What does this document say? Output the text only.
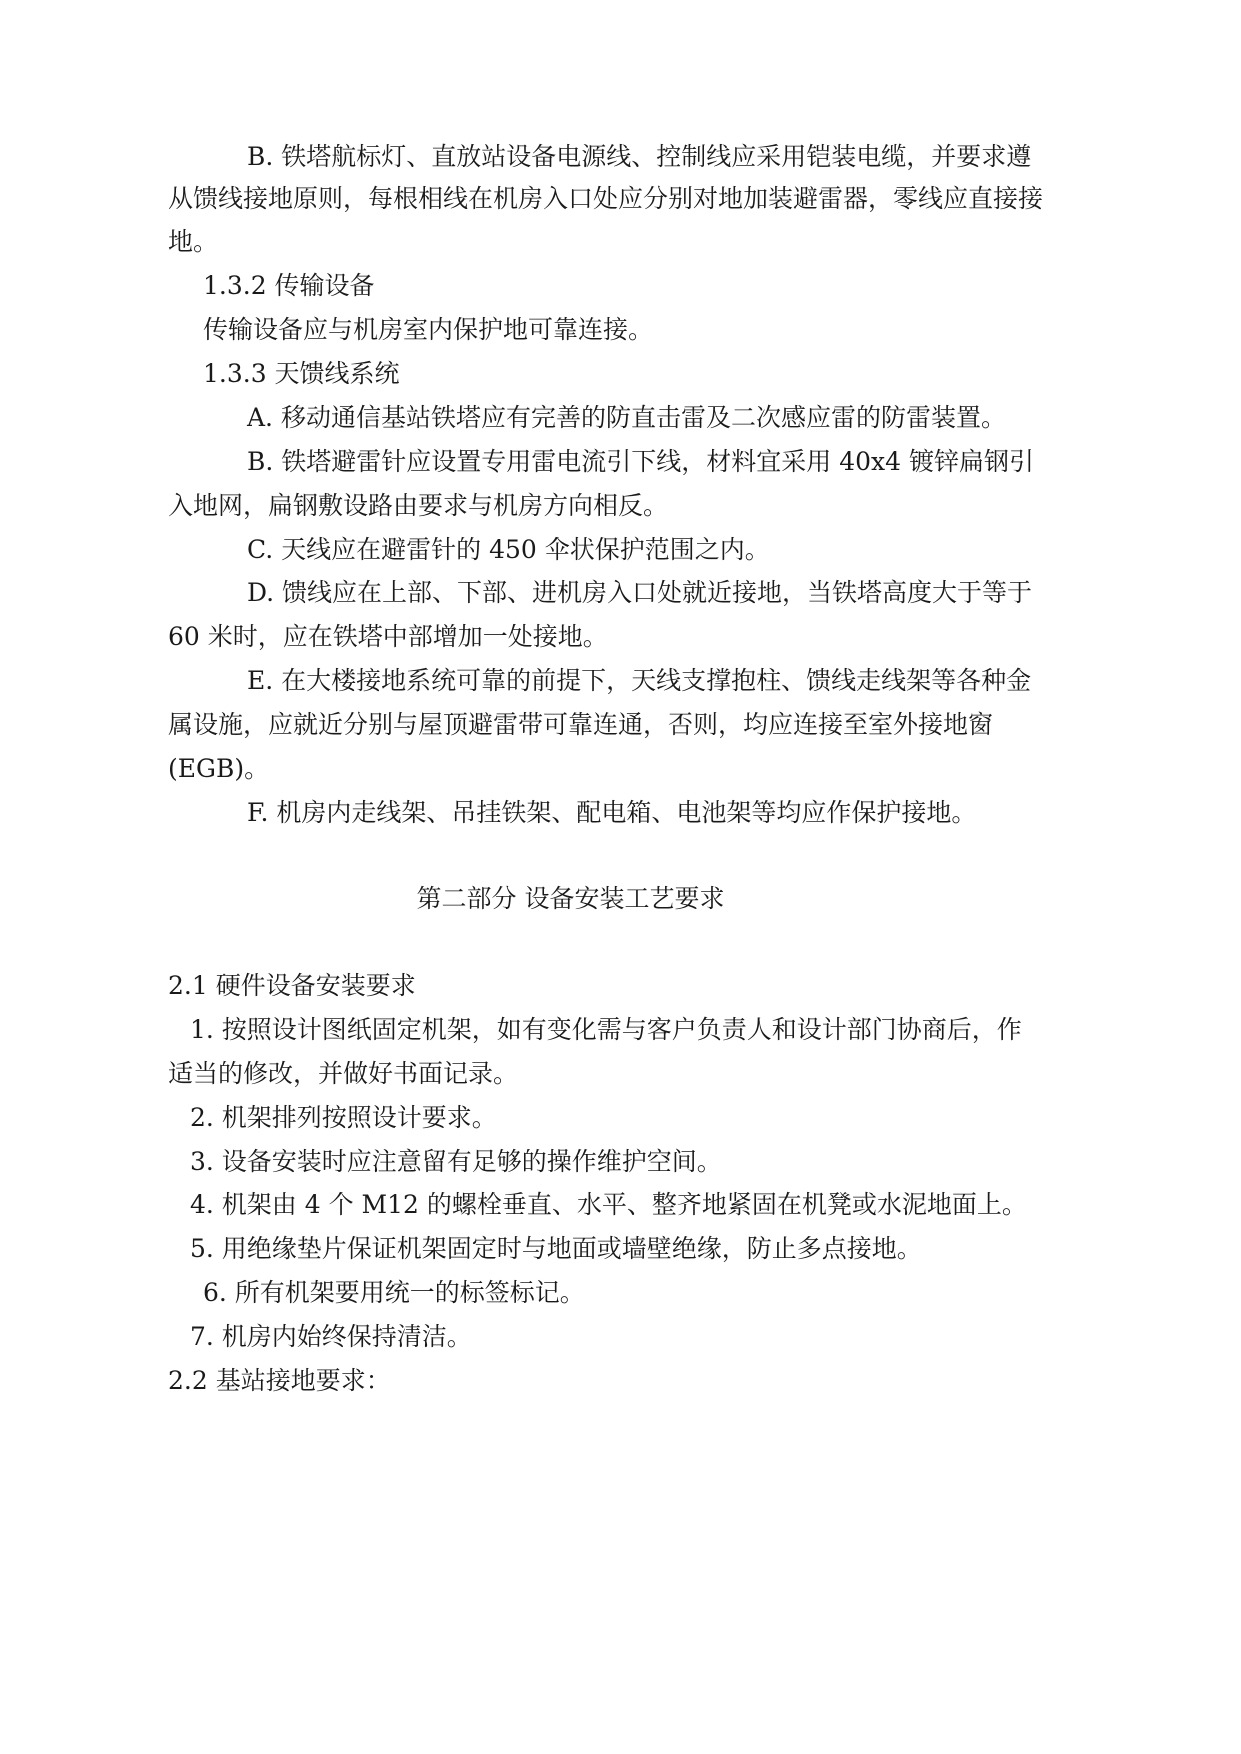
B. 铁塔航标灯、直放站设备电源线、控制线应采用铠装电缆，并要求遵
从馈线接地原则，每根相线在机房入口处应分别对地加装避雷器，零线应直接接
地。
1.3.2 传输设备
传输设备应与机房室内保护地可靠连接。
1.3.3 天馈线系统
A. 移动通信基站铁塔应有完善的防直击雷及二次感应雷的防雷装置。
B. 铁塔避雷针应设置专用雷电流引下线，材料宜采用 40x4 镀锌扁钢引
入地网，扁钢敷设路由要求与机房方向相反。
C. 天线应在避雷针的 450 伞状保护范围之内。
D. 馈线应在上部、下部、进机房入口处就近接地，当铁塔高度大于等于
60 米时，应在铁塔中部增加一处接地。
E. 在大楼接地系统可靠的前提下，天线支撑抱柱、馈线走线架等各种金
属设施，应就近分别与屋顶避雷带可靠连通，否则，均应连接至室外接地窗
(EGB)。
F. 机房内走线架、吊挂铁架、配电箱、电池架等均应作保护接地。
第二部分 设备安装工艺要求
2.1 硬件设备安装要求
1. 按照设计图纸固定机架，如有变化需与客户负责人和设计部门协商后，作
适当的修改，并做好书面记录。
2. 机架排列按照设计要求。
3. 设备安装时应注意留有足够的操作维护空间。
4. 机架由 4 个 M12 的螺栓垂直、水平、整齐地紧固在机凳或水泥地面上。
5. 用绝缘垫片保证机架固定时与地面或墙壁绝缘，防止多点接地。
6. 所有机架要用统一的标签标记。
7. 机房内始终保持清洁。
2.2 基站接地要求：
